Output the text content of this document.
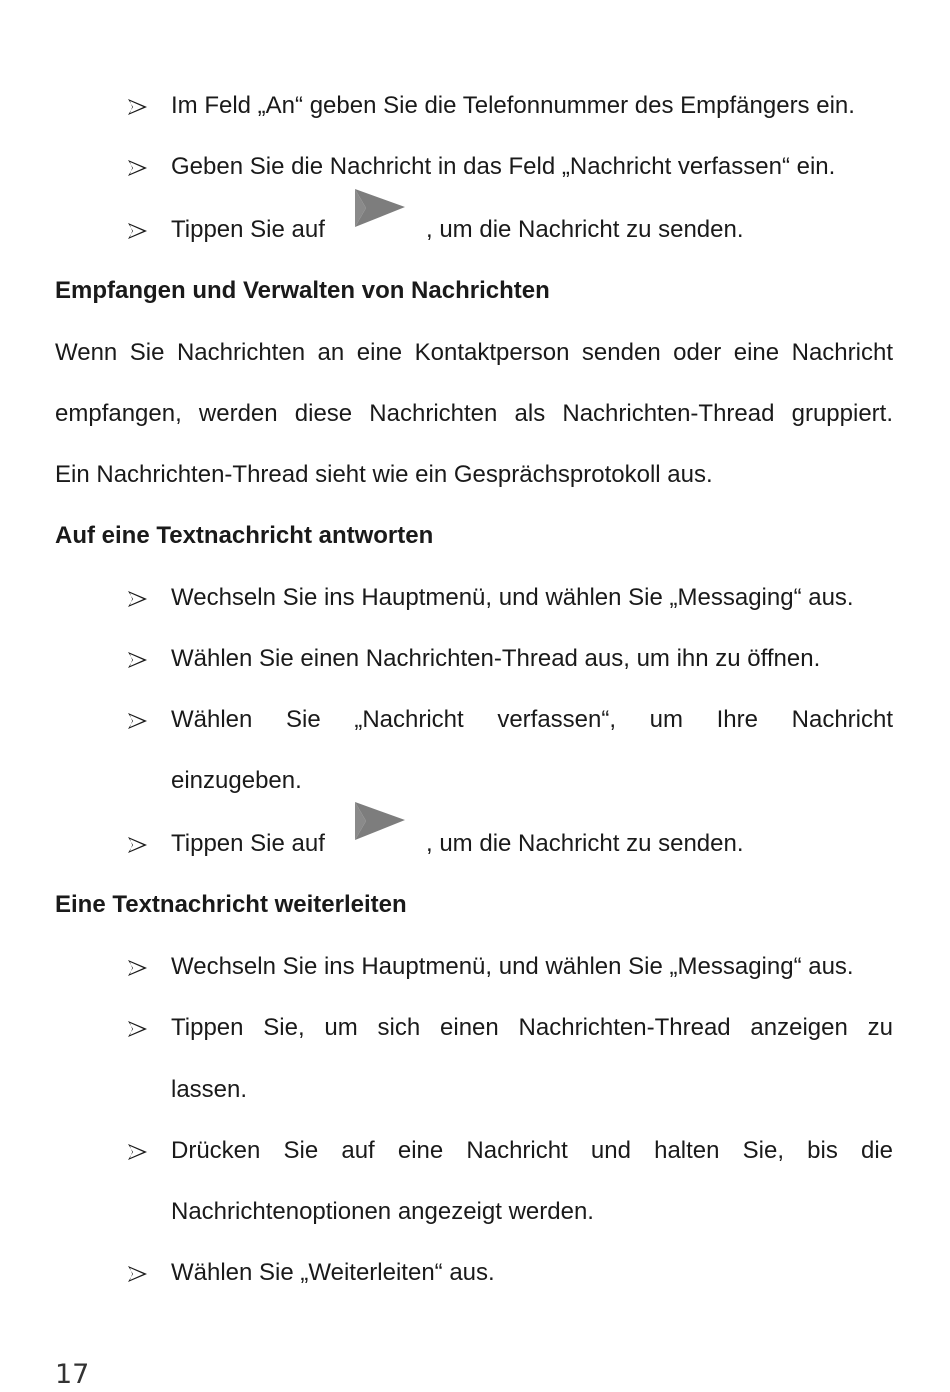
Im Feld „An“ geben Sie die Telefonnummer des Empfängers ein.
Geben Sie die Nachricht in das Feld „Nachricht verfassen“ ein.
Tippen Sie auf	, um die Nachricht zu senden.
Empfangen und Verwalten von Nachrichten
Wenn Sie Nachrichten an eine Kontaktperson senden oder eine Nachricht
empfangen, werden diese Nachrichten als Nachrichten-Thread gruppiert.
Ein Nachrichten-Thread sieht wie ein Gesprächsprotokoll aus.
Auf eine Textnachricht antworten
Wechseln Sie ins Hauptmenü, und wählen Sie „Messaging“ aus.
Wählen Sie einen Nachrichten-Thread aus, um ihn zu öffnen.
Wählen Sie „Nachricht verfassen“, um Ihre Nachricht
einzugeben.
Tippen Sie auf	, um die Nachricht zu senden.
Eine Textnachricht weiterleiten
Wechseln Sie ins Hauptmenü, und wählen Sie „Messaging“ aus.
Tippen Sie, um sich einen Nachrichten-Thread anzeigen zu
lassen.
Drücken Sie auf eine Nachricht und halten Sie, bis die
Nachrichtenoptionen angezeigt werden.
Wählen Sie „Weiterleiten“ aus.
17
